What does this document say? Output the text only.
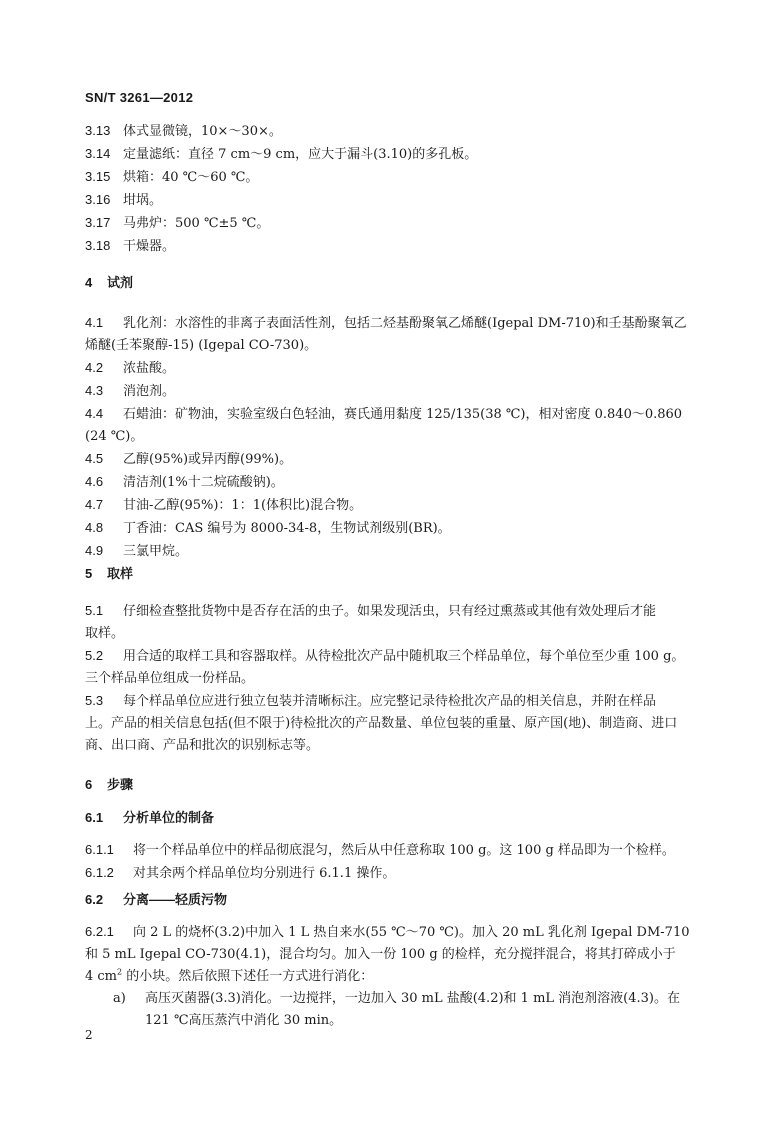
SN/T 3261—2012
3.13 体式显微镜，10×～30×。
3.14 定量滤纸：直径 7 cm～9 cm，应大于漏斗(3.10)的多孔板。
3.15 烘箱：40 ℃～60 ℃。
3.16 坩埚。
3.17 马弗炉：500 ℃±5 ℃。
3.18 干燥器。
4 试剂
4.1 乳化剂：水溶性的非离子表面活性剂，包括二烃基酚聚氧乙烯醚(Igepal DM-710)和壬基酚聚氧乙
烯醚(壬苯聚醇-15) (Igepal CO-730)。
4.2 浓盐酸。
4.3 消泡剂。
4.4 石蜡油：矿物油，实验室级白色轻油，赛氏通用黏度 125/135(38 ℃)，相对密度 0.840～0.860
(24 ℃)。
4.5 乙醇(95%)或异丙醇(99%)。
4.6 清洁剂(1%十二烷硫酸钠)。
4.7 甘油-乙醇(95%)：1：1(体积比)混合物。
4.8 丁香油：CAS 编号为 8000-34-8，生物试剂级别(BR)。
4.9 三氯甲烷。
5 取样
5.1 仔细检查整批货物中是否存在活的虫子。如果发现活虫，只有经过熏蒸或其他有效处理后才能
取样。
5.2 用合适的取样工具和容器取样。从待检批次产品中随机取三个样品单位，每个单位至少重 100 g。
三个样品单位组成一份样品。
5.3 每个样品单位应进行独立包装并清晰标注。应完整记录待检批次产品的相关信息，并附在样品
上。产品的相关信息包括(但不限于)待检批次的产品数量、单位包装的重量、原产国(地)、制造商、进口
商、出口商、产品和批次的识别标志等。
6 步骤
6.1 分析单位的制备
6.1.1 将一个样品单位中的样品彻底混匀，然后从中任意称取 100 g。这 100 g 样品即为一个检样。
6.1.2 对其余两个样品单位均分别进行 6.1.1 操作。
6.2 分离——轻质污物
6.2.1 向 2 L 的烧杯(3.2)中加入 1 L 热自来水(55 ℃～70 ℃)。加入 20 mL 乳化剂 Igepal DM-710
和 5 mL Igepal CO-730(4.1)，混合均匀。加入一份 100 g 的检样，充分搅拌混合，将其打碎成小于
4 $cm^2$ 的小块。然后依照下述任一方式进行消化：
a) 高压灭菌器(3.3)消化。一边搅拌，一边加入 30 mL 盐酸(4.2)和 1 mL 消泡剂溶液(4.3)。在
121 ℃高压蒸汽中消化 30 min。
2
